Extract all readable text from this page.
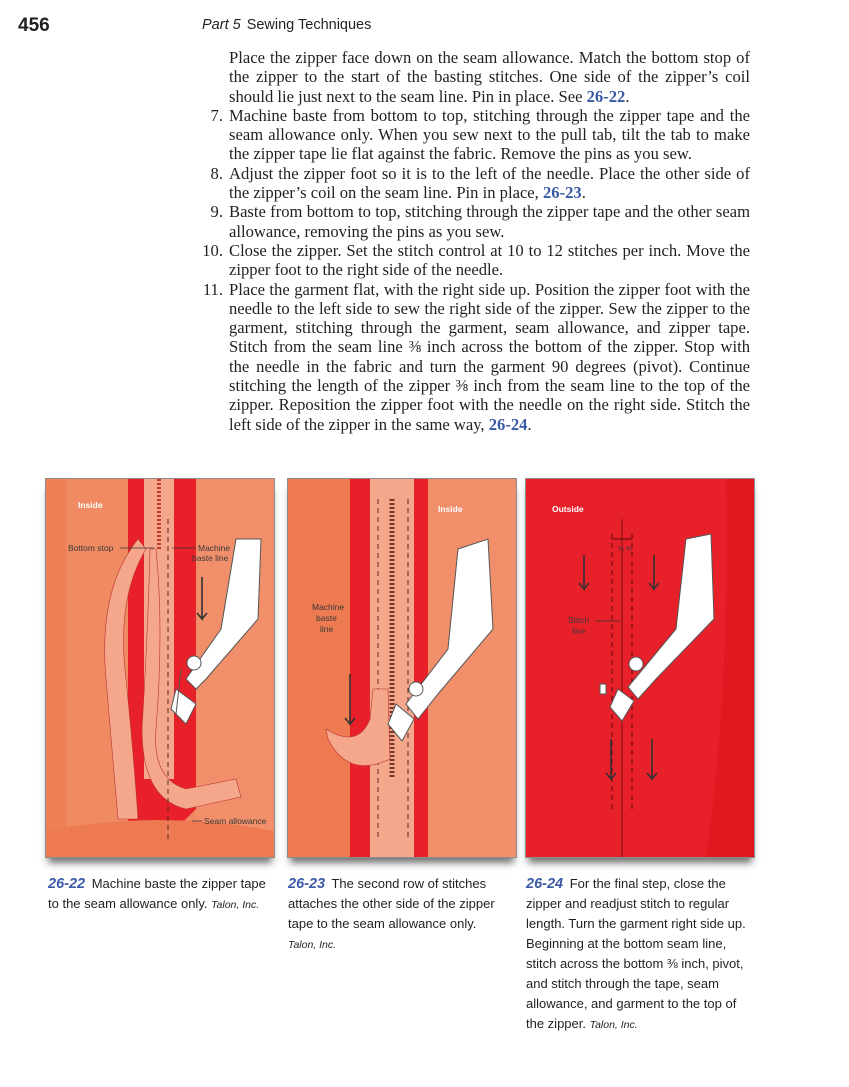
456	Part 5 Sewing Techniques

Place the zipper face down on the seam allowance. Match the bottom stop of the zipper to the start of the basting stitches. One side of the zipper’s coil should lie just next to the seam line. Pin in place. See 26-22.

7. Machine baste from bottom to top, stitching through the zipper tape and the seam allowance only. When you sew next to the pull tab, tilt the tab to make the zipper tape lie flat against the fabric. Remove the pins as you sew.

8. Adjust the zipper foot so it is to the left of the needle. Place the other side of the zipper’s coil on the seam line. Pin in place, 26-23.

9. Baste from bottom to top, stitching through the zipper tape and the other seam allowance, removing the pins as you sew.

10. Close the zipper. Set the stitch control at 10 to 12 stitches per inch. Move the zipper foot to the right side of the needle.

11. Place the garment flat, with the right side up. Position the zipper foot with the needle to the left side to sew the right side of the zipper. Sew the zipper to the garment, stitching through the garment, seam allowance, and zipper tape. Stitch from the seam line ⅜ inch across the bottom of the zipper. Stop with the needle in the fabric and turn the garment 90 degrees (pivot). Continue stitching the length of the zipper ⅜ inch from the seam line to the top of the zipper. Reposition the zipper foot with the needle on the right side. Stitch the left side of the zipper in the same way, 26-24.

Inside
Bottom stop	Machine
baste line
Seam allowance
Inside
Machine
baste
line
Outside
⅜ ⅜
Stitch
line
26-22 Machine baste the zipper tape to the seam allowance only. Talon, Inc.
26-23 The second row of stitches attaches the other side of the zipper tape to the seam allowance only.
Talon, Inc.
26-24 For the final step, close the zipper and readjust stitch to regular length. Turn the garment right side up. Beginning at the bottom seam line, stitch across the bottom ⅜ inch, pivot, and stitch through the tape, seam allowance, and garment to the top of the zipper. Talon, Inc.
